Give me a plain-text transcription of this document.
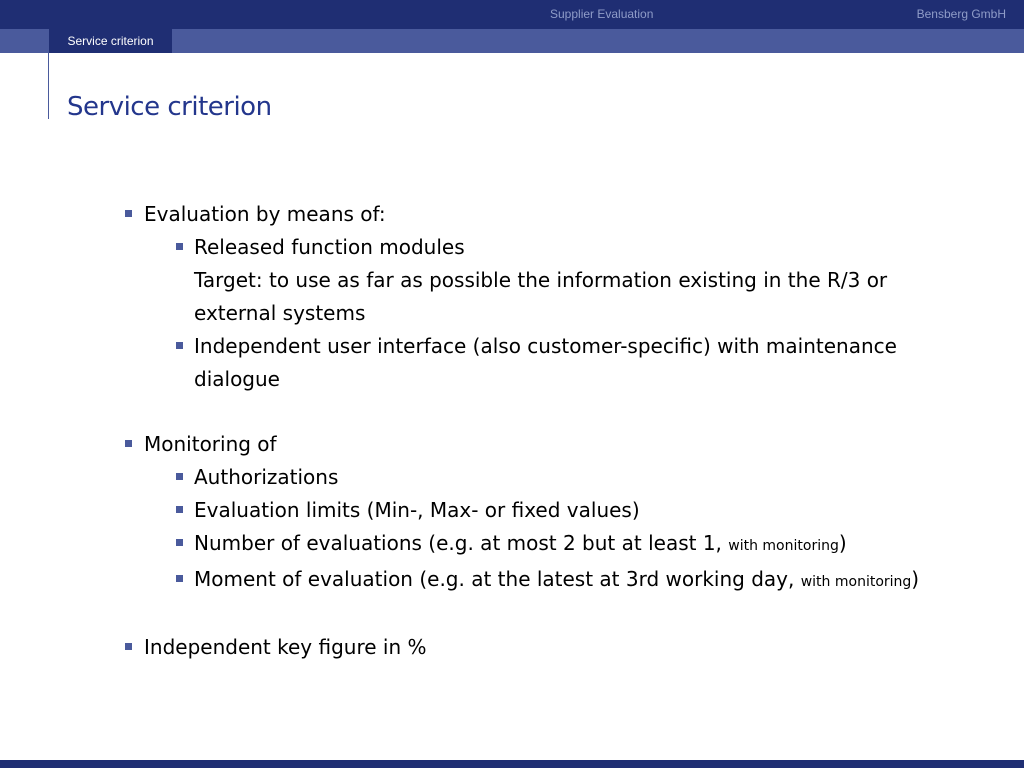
Supplier Evaluation	Bensberg GmbH
Service criterion
Service criterion
Evaluation by means of:
Released function modules
Target: to use as far as possible the information existing in the R/3 or
external systems
Independent user interface (also customer-specific) with maintenance
dialogue
Monitoring of
Authorizations
Evaluation limits (Min-, Max- or fixed values)
Number of evaluations (e.g. at most 2 but at least 1, with monitoring)
Moment of evaluation (e.g. at the latest at 3rd working day, with monitoring)
Independent key figure in %
